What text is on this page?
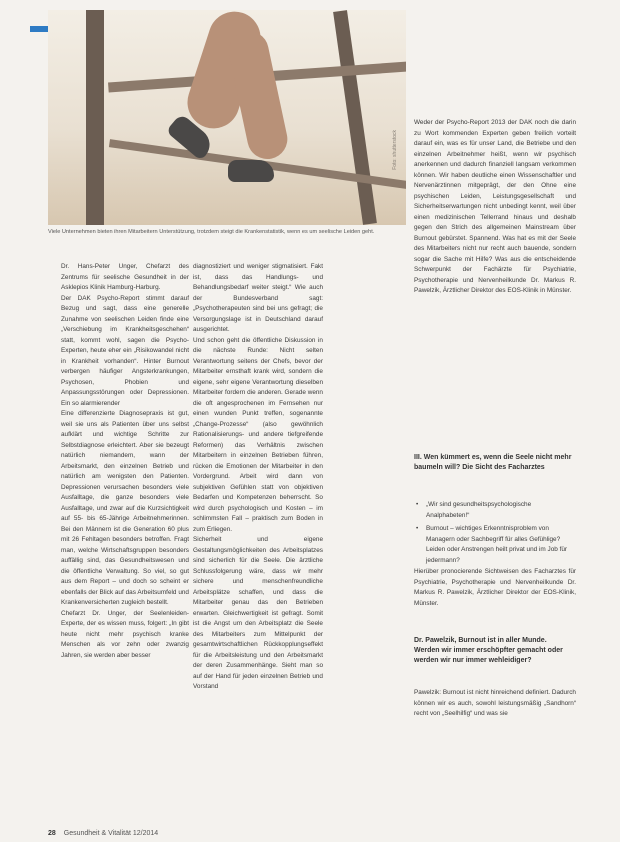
Foto: shutterstock
Viele Unternehmen bieten ihren Mitarbeitern Unterstützung, trotzdem steigt die Krankenstatistik, wenn es um seelische Leiden geht.

Dr. Hans-Peter Unger, Chefarzt des Zentrums für seelische Gesundheit in der Asklepios Klinik Hamburg-Harburg.

Der DAK Psycho-Report stimmt darauf Bezug und sagt, dass eine generelle Zunahme von seelischen Leiden finde eine „Verschiebung im Krankheitsgeschehen“ statt, kommt wohl, sagen die Psycho-Experten, heute eher ein „Risikowandel nicht in Krankheit vorhanden“. Hinter Burnout verbergen häufiger Angsterkrankungen, Psychosen, Phobien und Anpassungsstörungen oder Depressionen. Ein so alarmierender

Eine differenzierte Diagnosepraxis ist gut, weil sie uns als Patienten über uns selbst aufklärt und wichtige Schritte zur Selbstdiagnose erleichtert. Aber sie bezeugt natürlich niemandem, wann der Arbeitsmarkt, den einzelnen Betrieb und natürlich am wenigsten den Patienten. Depressionen verursachen besonders viele Ausfalltage, die ganze besonders viele Ausfalltage, und zwar auf die Kurzsichtigkeit auf 55- bis 65-Jährige Arbeitnehmerinnen. Bei den Männern ist die Generation 60 plus mit 26 Fehltagen besonders betroffen. Fragt man, welche Wirtschaftsgruppen besonders auffällig sind, das Gesundheitswesen und die öffentliche Verwaltung. So viel, so gut aus dem Report – und doch so scheint er ebenfalls der Blick auf das Arbeitsumfeld und Krankenversicherten zugleich bestellt.

Chefarzt Dr. Unger, der Seelenleiden-Experte, der es wissen muss, folgert: „In gibt heute nicht mehr psychisch kranke Menschen als vor zehn oder zwanzig Jahren, sie werden aber besser

diagnostiziert und weniger stigmatisiert. Fakt ist, dass das Handlungs- und Behandlungsbedarf weiter steigt.“ Wie auch der Bundesverband sagt: „Psychotherapeuten sind bei uns gefragt; die Versorgungslage ist in Deutschland darauf ausgerichtet.

Und schon geht die öffentliche Diskussion in die nächste Runde: Nicht selten Verantwortung seitens der Chefs, bevor der Mitarbeiter ernsthaft krank wird, sondern die eigene, sehr eigene Verantwortung dieselben Mitarbeiter fordern die anderen. Gerade wenn die oft angesprochenen im Fernsehen nur einen wunden Punkt treffen, sogenannte „Change-Prozesse“ (also gewöhnlich Rationalisierungs- und andere tiefgreifende Reformen) das Verhältnis zwischen Mitarbeitern in einzelnen Betrieben führen, rücken die Emotionen der Mitarbeiter in den Vordergrund. Arbeit wird dann von subjektiven Gefühlen statt von objektiven Bedarfen und Kompetenzen beherrscht. So wird durch psychologisch und Kosten – im schlimmsten Fall – praktisch zum Boden in zum Erliegen.

Sicherheit und eigene Gestaltungsmöglichkeiten des Arbeitsplatzes sind sicherlich für die Seele. Die ärztliche Schlussfolgerung wäre, dass wir mehr sichere und menschenfreundliche Arbeitsplätze schaffen, und dass die Mitarbeiter genau das den Betrieben erwarten. Gleichwertigkeit ist gefragt. Somit ist die Angst um den Arbeitsplatz die Seele des Mitarbeiters zum Mittelpunkt der gesamtwirtschaftlichen Rückkopplungseffekt für die Arbeitsleistung und den Arbeitsmarkt der deren Zusammenhänge. Sieht man so auf der Hand für jeden einzelnen Betrieb und Vorstand

Weder der Psycho-Report 2013 der DAK noch die darin zu Wort kommenden Experten geben freilich vorteilt darauf ein, was es für unser Land, die Betriebe und den einzelnen Arbeitnehmer heißt, wenn wir psychisch anerkennen und dadurch finanziell langsam verkommen können. Wir haben deutliche einen Wissenschaftler und Nervenärztinnen mitgeprägt, der den Ohne eine psychischen Leiden, Leistungsgesellschaft und Sicherheitserwartungen nicht unbedingt kennt, weil über einen medizinischen Tellerrand hinaus und deshalb gegen den Strich des allgemeinen Mainstream über Burnout gebürstet. Spannend. Was hat es mit der Seele des Mitarbeiters nicht nur recht auch bauende, sondern sogar die Sache mit Hilfe? Was aus die entscheidende Schwerpunkt der Fachärzte für Psychiatrie, Psychotherapie und Nervenheilkunde Dr. Markus R. Pawelzik, Ärztlicher Direktor des EOS-Klinik in Münster.

III. Wen kümmert es, wenn die Seele nicht mehr baumeln will? Die Sicht des Facharztes
• „Wir sind gesundheitspsychologische Analphabeten!“
• Burnout – wichtiges Erkenntnisproblem von Managern oder Sachbegriff für alles Gefühlige? Leiden oder Anstrengen heilt privat und im Job für jedermann?

Hierüber pronocierende Sichtweisen des Facharztes für Psychiatrie, Psychotherapie und Nervenheilkunde Dr. Markus R. Pawelzik, Ärztlicher Direktor der EOS-Klinik, Münster.

Dr. Pawelzik, Burnout ist in aller Munde. Werden wir immer erschöpfter gemacht oder werden wir nur immer wehleidiger?

Pawelzik: Burnout ist nicht hinreichend definiert. Dadurch können wir es auch, sowohl leistungsmäßig „Sandhorn“ recht von „Seelhilfig“ und was sie

28 Gesundheit & Vitalität 12/2014
